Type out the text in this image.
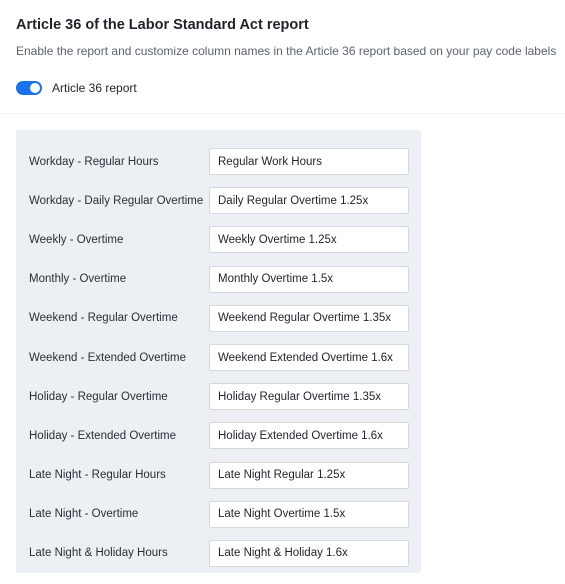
Article 36 of the Labor Standard Act report
Enable the report and customize column names in the Article 36 report based on your pay code labels
Article 36 report
Workday - Regular Hours
Regular Work Hours
Workday - Daily Regular Overtime
Daily Regular Overtime 1.25x
Weekly - Overtime
Weekly Overtime 1.25x
Monthly - Overtime
Monthly Overtime 1.5x
Weekend - Regular Overtime
Weekend Regular Overtime 1.35x
Weekend - Extended Overtime
Weekend Extended Overtime 1.6x
Holiday - Regular Overtime
Holiday Regular Overtime 1.35x
Holiday - Extended Overtime
Holiday Extended Overtime 1.6x
Late Night - Regular Hours
Late Night Regular 1.25x
Late Night - Overtime
Late Night Overtime 1.5x
Late Night & Holiday Hours
Late Night & Holiday 1.6x
